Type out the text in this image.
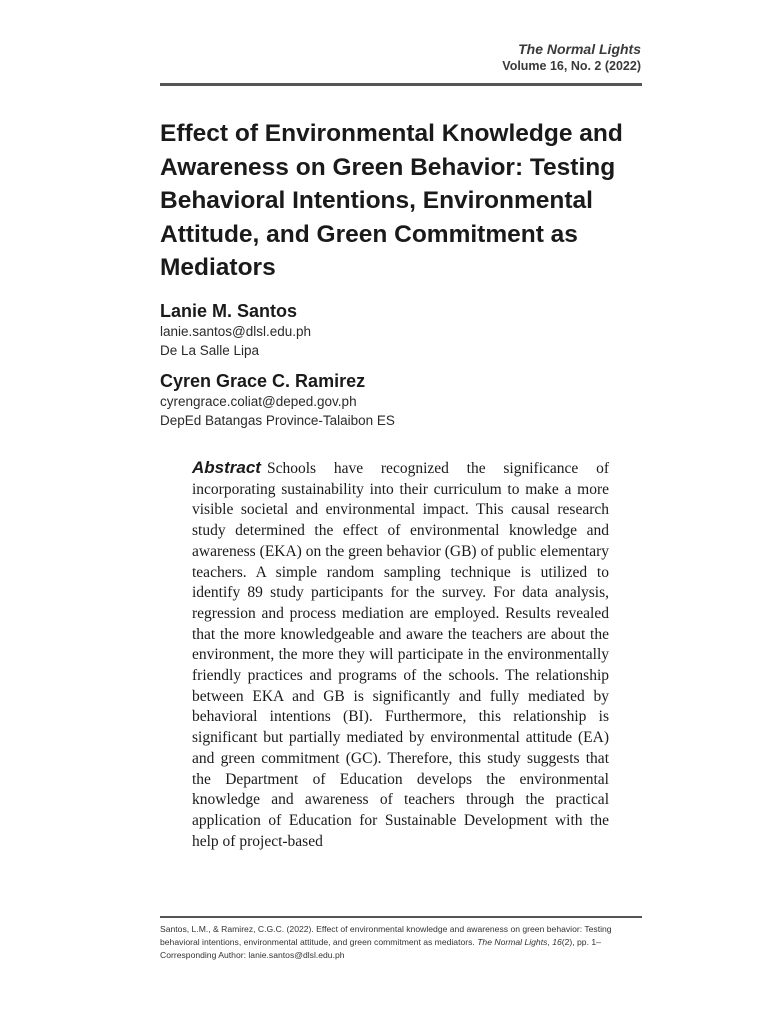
The Normal Lights
Volume 16, No. 2 (2022)
Effect of Environmental Knowledge and Awareness on Green Behavior: Testing Behavioral Intentions, Environmental Attitude, and Green Commitment as Mediators
Lanie M. Santos
lanie.santos@dlsl.edu.ph
De La Salle Lipa
Cyren Grace C. Ramirez
cyrengrace.coliat@deped.gov.ph
DepEd Batangas Province-Talaibon ES

Abstract Schools have recognized the significance of incorporating sustainability into their curriculum to make a more visible societal and environmental impact. This causal research study determined the effect of environmental knowledge and awareness (EKA) on the green behavior (GB) of public elementary teachers. A simple random sampling technique is utilized to identify 89 study participants for the survey. For data analysis, regression and process mediation are employed. Results revealed that the more knowledgeable and aware the teachers are about the environment, the more they will participate in the environmentally friendly practices and programs of the schools. The relationship between EKA and GB is significantly and fully mediated by behavioral intentions (BI). Furthermore, this relationship is significant but partially mediated by environmental attitude (EA) and green commitment (GC). Therefore, this study suggests that the Department of Education develops the environmental knowledge and awareness of teachers through the practical application of Education for Sustainable Development with the help of project-based

Santos, L.M., & Ramirez, C.G.C. (2022). Effect of environmental knowledge and awareness on green behavior: Testing behavioral intentions, environmental attitude, and green commitment as mediators. The Normal Lights, 16(2), pp. 1–
Corresponding Author: lanie.santos@dlsl.edu.ph
